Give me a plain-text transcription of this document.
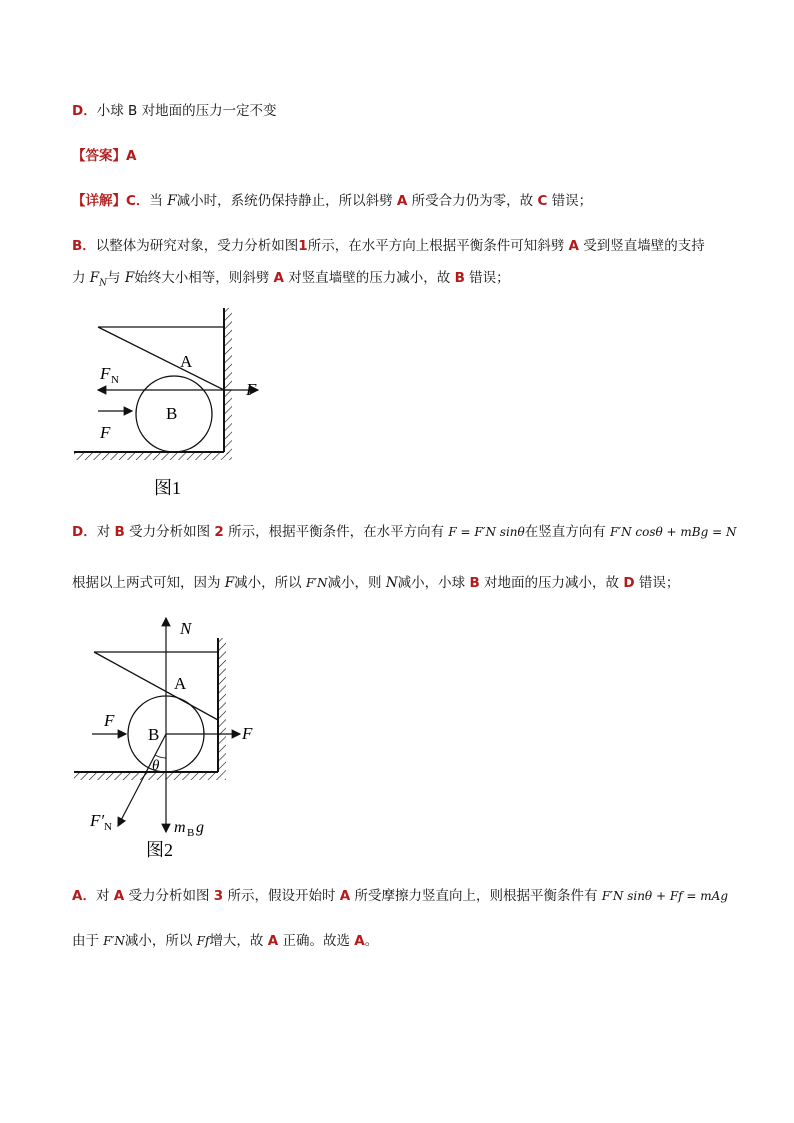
D．小球 B 对地面的压力一定不变
【答案】A
【详解】C．当 F减小时，系统仍保持静止，所以斜劈 A 所受合力仍为零，故 C 错误；
B．以整体为研究对象，受力分析如图1所示，在水平方向上根据平衡条件可知斜劈 A 受到竖直墙壁的支持
力 $F_N$与 F始终大小相等，则斜劈 A 对竖直墙壁的压力减小，故 B 错误；
A
B
F N
F
F
图1
D．对 B 受力分析如图 2 所示，根据平衡条件，在水平方向有 F = F′N sinθ在竖直方向有 F′N cosθ + mBg = N
根据以上两式可知，因为 F减小，所以 F′N减小，则 N减小，小球 B 对地面的压力减小，故 D 错误；
N
A
B
F
F
θ
F′ N	m B g
图2
A．对 A 受力分析如图 3 所示，假设开始时 A 所受摩擦力竖直向上，则根据平衡条件有 F′N sinθ + Ff = mAg
由于 F′N减小，所以 Ff增大，故 A 正确。故选 A。
